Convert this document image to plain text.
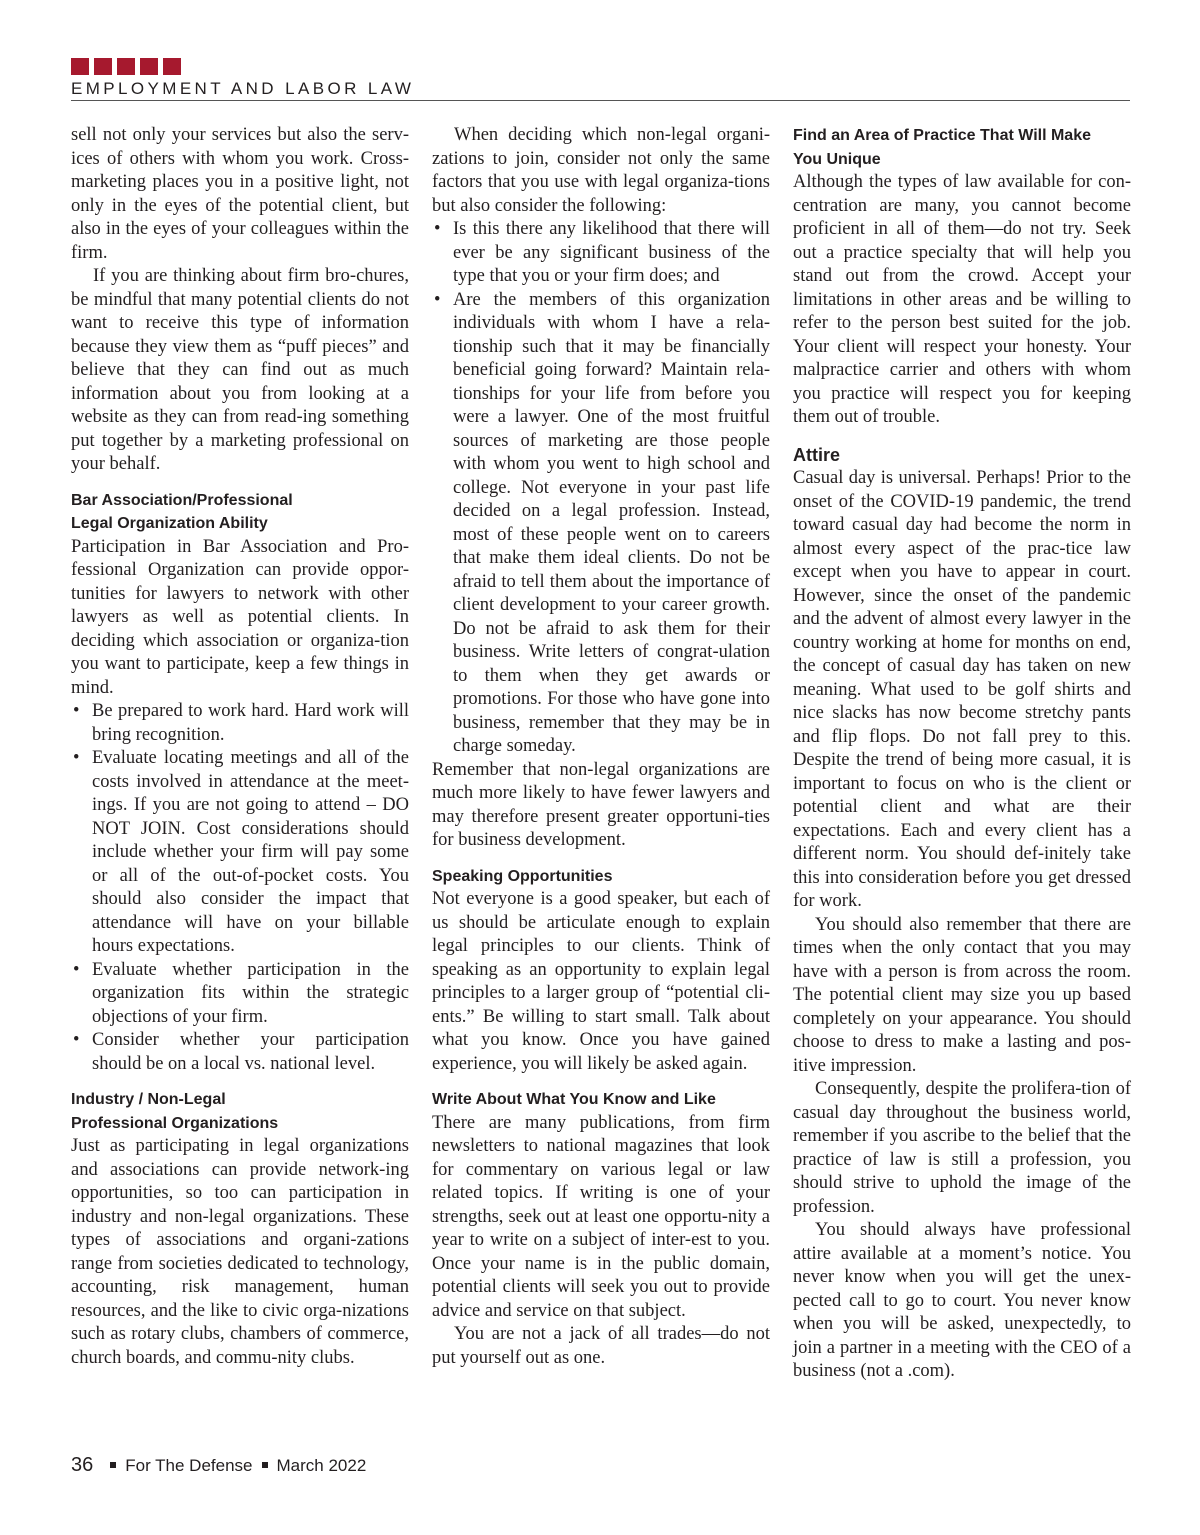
EMPLOYMENT AND LABOR LAW

sell not only your services but also the serv-ices of others with whom you work. Cross-marketing places you in a positive light, not only in the eyes of the potential client, but also in the eyes of your colleagues within the firm.

If you are thinking about firm bro-chures, be mindful that many potential clients do not want to receive this type of information because they view them as “puff pieces” and believe that they can find out as much information about you from looking at a website as they can from read-ing something put together by a marketing professional on your behalf.

Bar Association/Professional
Legal Organization Ability

Participation in Bar Association and Pro-fessional Organization can provide oppor-tunities for lawyers to network with other lawyers as well as potential clients. In deciding which association or organiza-tion you want to participate, keep a few things in mind.

• Be prepared to work hard. Hard work will bring recognition.
• Evaluate locating meetings and all of the costs involved in attendance at the meet-ings. If you are not going to attend – DO NOT JOIN. Cost considerations should include whether your firm will pay some or all of the out-of-pocket costs. You should also consider the impact that attendance will have on your billable hours expectations.
• Evaluate whether participation in the organization fits within the strategic objections of your firm.
• Consider whether your participation should be on a local vs. national level.
Industry / Non-Legal
Professional Organizations

Just as participating in legal organizations and associations can provide network-ing opportunities, so too can participation in industry and non-legal organizations. These types of associations and organi-zations range from societies dedicated to technology, accounting, risk management, human resources, and the like to civic orga-nizations such as rotary clubs, chambers of commerce, church boards, and commu-nity clubs.

When deciding which non-legal organi-zations to join, consider not only the same factors that you use with legal organiza-tions but also consider the following:

• Is this there any likelihood that there will ever be any significant business of the type that you or your firm does; and
• Are the members of this organization individuals with whom I have a rela-tionship such that it may be financially beneficial going forward? Maintain rela-tionships for your life from before you were a lawyer. One of the most fruitful sources of marketing are those people with whom you went to high school and college. Not everyone in your past life decided on a legal profession. Instead, most of these people went on to careers that make them ideal clients. Do not be afraid to tell them about the importance of client development to your career growth. Do not be afraid to ask them for their business. Write letters of congrat-ulation to them when they get awards or promotions. For those who have gone into business, remember that they may be in charge someday.

Remember that non-legal organizations are much more likely to have fewer lawyers and may therefore present greater opportuni-ties for business development.

Speaking Opportunities

Not everyone is a good speaker, but each of us should be articulate enough to explain legal principles to our clients. Think of speaking as an opportunity to explain legal principles to a larger group of “potential cli-ents.” Be willing to start small. Talk about what you know. Once you have gained experience, you will likely be asked again.

Write About What You Know and Like

There are many publications, from firm newsletters to national magazines that look for commentary on various legal or law related topics. If writing is one of your strengths, seek out at least one opportu-nity a year to write on a subject of inter-est to you. Once your name is in the public domain, potential clients will seek you out to provide advice and service on that subject.

You are not a jack of all trades—do not put yourself out as one.

Find an Area of Practice That Will Make
You Unique

Although the types of law available for con-centration are many, you cannot become proficient in all of them—do not try. Seek out a practice specialty that will help you stand out from the crowd. Accept your limitations in other areas and be willing to refer to the person best suited for the job. Your client will respect your honesty. Your malpractice carrier and others with whom you practice will respect you for keeping them out of trouble.

Attire

Casual day is universal. Perhaps! Prior to the onset of the COVID-19 pandemic, the trend toward casual day had become the norm in almost every aspect of the prac-tice law except when you have to appear in court. However, since the onset of the pandemic and the advent of almost every lawyer in the country working at home for months on end, the concept of casual day has taken on new meaning. What used to be golf shirts and nice slacks has now become stretchy pants and flip flops. Do not fall prey to this. Despite the trend of being more casual, it is important to focus on who is the client or potential client and what are their expectations. Each and every client has a different norm. You should def-initely take this into consideration before you get dressed for work.

You should also remember that there are times when the only contact that you may have with a person is from across the room. The potential client may size you up based completely on your appearance. You should choose to dress to make a lasting and pos-itive impression.

Consequently, despite the prolifera-tion of casual day throughout the business world, remember if you ascribe to the belief that the practice of law is still a profession, you should strive to uphold the image of the profession.

You should always have professional attire available at a moment’s notice. You never know when you will get the unex-pected call to go to court. You never know when you will be asked, unexpectedly, to join a partner in a meeting with the CEO of a business (not a .com).

36 For The Defense March 2022
